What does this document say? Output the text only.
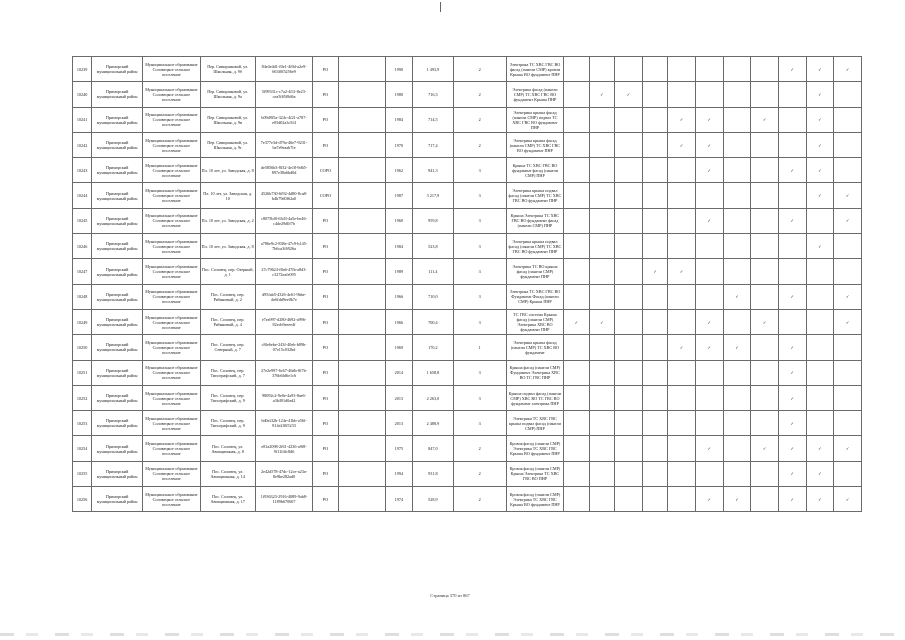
10239	Приморский муниципальный район	Муниципальное образование Соловецкое сельское поселение	Пер. Сивиршковой, ул. Школьная, д. 9б	84e4e4d1-f0e1-4f0d-a2e9-663f0f5256e9	РО		1990	1 493,9	2	Электрика ТС ХВС ГВС ВО фасад (панели СМР) кровли Крыша ВО фундамент ПНР									✓	✓	✓
10240	Приморский муниципальный район	Муниципальное образование Соловецкое сельское поселение	Пер. Сивиршковой, ул. Школьная, д. 9а	5f99331c-c7a2-4f1f-8e23-cea5f65f8d6a	РО		1980	716,3	2	Электрика фасад (панели СМР) ТС ХВС ГВС ВО фундамент Крыша ПНР		✓	✓							✓	
10241	Приморский муниципальный район	Муниципальное образование Соловецкое сельское поселение	Пер. Сивиршковой, ул. Школьная, д. 9в	b09d9f5a-324c-4f21-a787-e05d02a3c5f4	РО		1984	714,5	2	Электрика крыша фасад (панели СМР) подвал ТС ХВС ГВС ВО фундамент ПНР					✓	✓		✓		✓	
10242	Приморский муниципальный район	Муниципальное образование Соловецкое сельское поселение	Пер. Сивиршковой, ул. Школьная, д. 9г	7e377e3d-d79a-46e7-9231-ba7e9eaab7fe	РО		1970	717,4	2	Электрика крыша фасад (панели СМР) ТС ХВС ГВС ВО фундамент ПНР					✓	✓				✓	
10243	Приморский муниципальный район	Муниципальное образование Соловецкое сельское поселение	Пл. 10 лет, ул. Заводская, д. 8	de5856b3-8f32-4e18-9d65-897e38a6bd0d	СОРО		1962	941,3	3	Крыша ТС ХВС ГВС ВО фундамент фасад (панели СМР) ПНР						✓			✓	✓	
10244	Приморский муниципальный район	Муниципальное образование Соловецкое сельское поселение	Пл. 10 лет, ул. Заводская, д. 10	4526b730-6f92-4d80-8ca8-b4b79d0f62a0	СОРО		1987	3 217,9	3	Электрика крыша подвал фасад (панели СМР) ТС ХВС ГВС ВО фундамент ПНР										✓	✓
10245	Приморский муниципальный район	Муниципальное образование Соловецкое сельское поселение	Пл. 10 лет, ул. Заводская, д. 2	c8075bf0-63d3-4a5e-be46-c4de29d0f7b	РО		1960	959,8	3	Крыша Электрика ТС ХВС ГВС ВО фундамент фасад (панели СМР) ПНР						✓			✓		✓
10246	Приморский муниципальный район	Муниципальное образование Соловецкое сельское поселение	Пл. 10 лет, ул. Заводская, д. 8	a786e9c2-838e-47c9-b145-7b6ca3f6926a	РО		1984	523,8	3	Электрика крыша подвал фасад (панели СМР) ТС ХВС ГВС ВО фундамент ПНР										✓	
10247	Приморский муниципальный район	Муниципальное образование Соловецкое сельское поселение	Пос. Соловец, пер. Озерный, д. 1	27c79624-f8a6-47fb-a8d3-c3272eafe095	РО		1989	111,4	3	Электрика ТС ВО крыша фасад (панели СМР) фундамент ПНР				✓	✓						
10248	Приморский муниципальный район	Муниципальное образование Соловецкое сельское поселение	Пос. Соловец, пер. Рябиновый, д. 2	d95fab5-4326-4e61-9bbe-de6fdd9ee0b7e	РО		1966	710,0	3	Электрика ТС ХВС ГВС ВО Фундамент Фасад (панели СМР) Крыша ПНР							✓		✓		✓
10249	Приморский муниципальный район	Муниципальное образование Соловецкое сельское поселение	Пос. Соловец, пер. Рябиновый, д. 4	e7ea997-d280-4692-a996-82ecb9eeee4f	РО		1966	700,4	3	ТС ГВС система Крыша фасад (панели СМР) Электрика ХВС ВО фундамент ПНР	✓	✓				✓		✓			✓
10250	Приморский муниципальный район	Муниципальное образование Соловецкое сельское поселение	Пос. Соловец, пер. Северный, д. 7	c8fe6ebe-243f-40eb-b89b-07e15c032bd	РО		1969	170,2	1	Электрика крыша фасад (панели СМР) ТС ХВС ВО фундамент					✓	✓	✓		✓		
10251	Приморский муниципальный район	Муниципальное образование Соловецкое сельское поселение	Пос. Соловец, пер. Типографский, д. 7	27e2e997-6c67-46db-8f7b-376b6fd6e1c6	РО		2014	1 658,8	3	Крыша фасад (панели СМР) Фундамент Электрика ХВС ВО ТС ГВС ПНР									✓		
10252	Приморский муниципальный район	Муниципальное образование Соловецкое сельское поселение	Пос. Соловец, пер. Типографский, д. 9	98092c2-9e0e-4a93-8ae6-a3b491d0ad2	РО		2013	2 263,0	3	Крыша подвал фасад (панели СМР) ХВС ВО ТС ГВС ВО фундамент электрика ПНР									✓		
10253	Приморский муниципальный район	Муниципальное образование Соловецкое сельское поселение	Пос. Соловец, пер. Типографский, д. 9	6d0e2f2b-124e-41bb-a56f-814e2f0f5233	РО		2013	2 488,9	3	Электрика ТС ХВС ГВС крыша подвал фасад (панели СМР) ПНР									✓		
10254	Приморский муниципальный район	Муниципальное образование Соловецкое сельское поселение	Пос. Соловец, ул. Авиационная, д. 8	e81a2098-2f61-4236-a9f8-9f11f4fc8d6	РО		1975	847,0	2	Кровля фасад (панели СМР) Электрика ТС ХВС ГВС Крыша ВО фундамент ПНР						✓		✓	✓	✓	✓
10255	Приморский муниципальный район	Муниципальное образование Соловецкое сельское поселение	Пос. Соловец, ул. Авиационная, д. 14	2e42d578-47dc-12ce-a23a-8e9be282ad0	РО		1994	931,8	2	Кровля фасад (панели СМР) Крыша Электрика ТС ХВС ГВС ВО ПНР									✓	✓	
10256	Приморский муниципальный район	Муниципальное образование Соловецкое сельское поселение	Пос. Соловец, ул. Авиационная, д. 17	1f936323-2916-4089-9ab8-1189b670607	РО		1974	528,9	2	Кровля фасад (панели СМР) Электрика ТС ХВС ГВС Крыша ВО фундамент ПНР						✓	✓		✓	✓	✓
Страница 370 из 867
